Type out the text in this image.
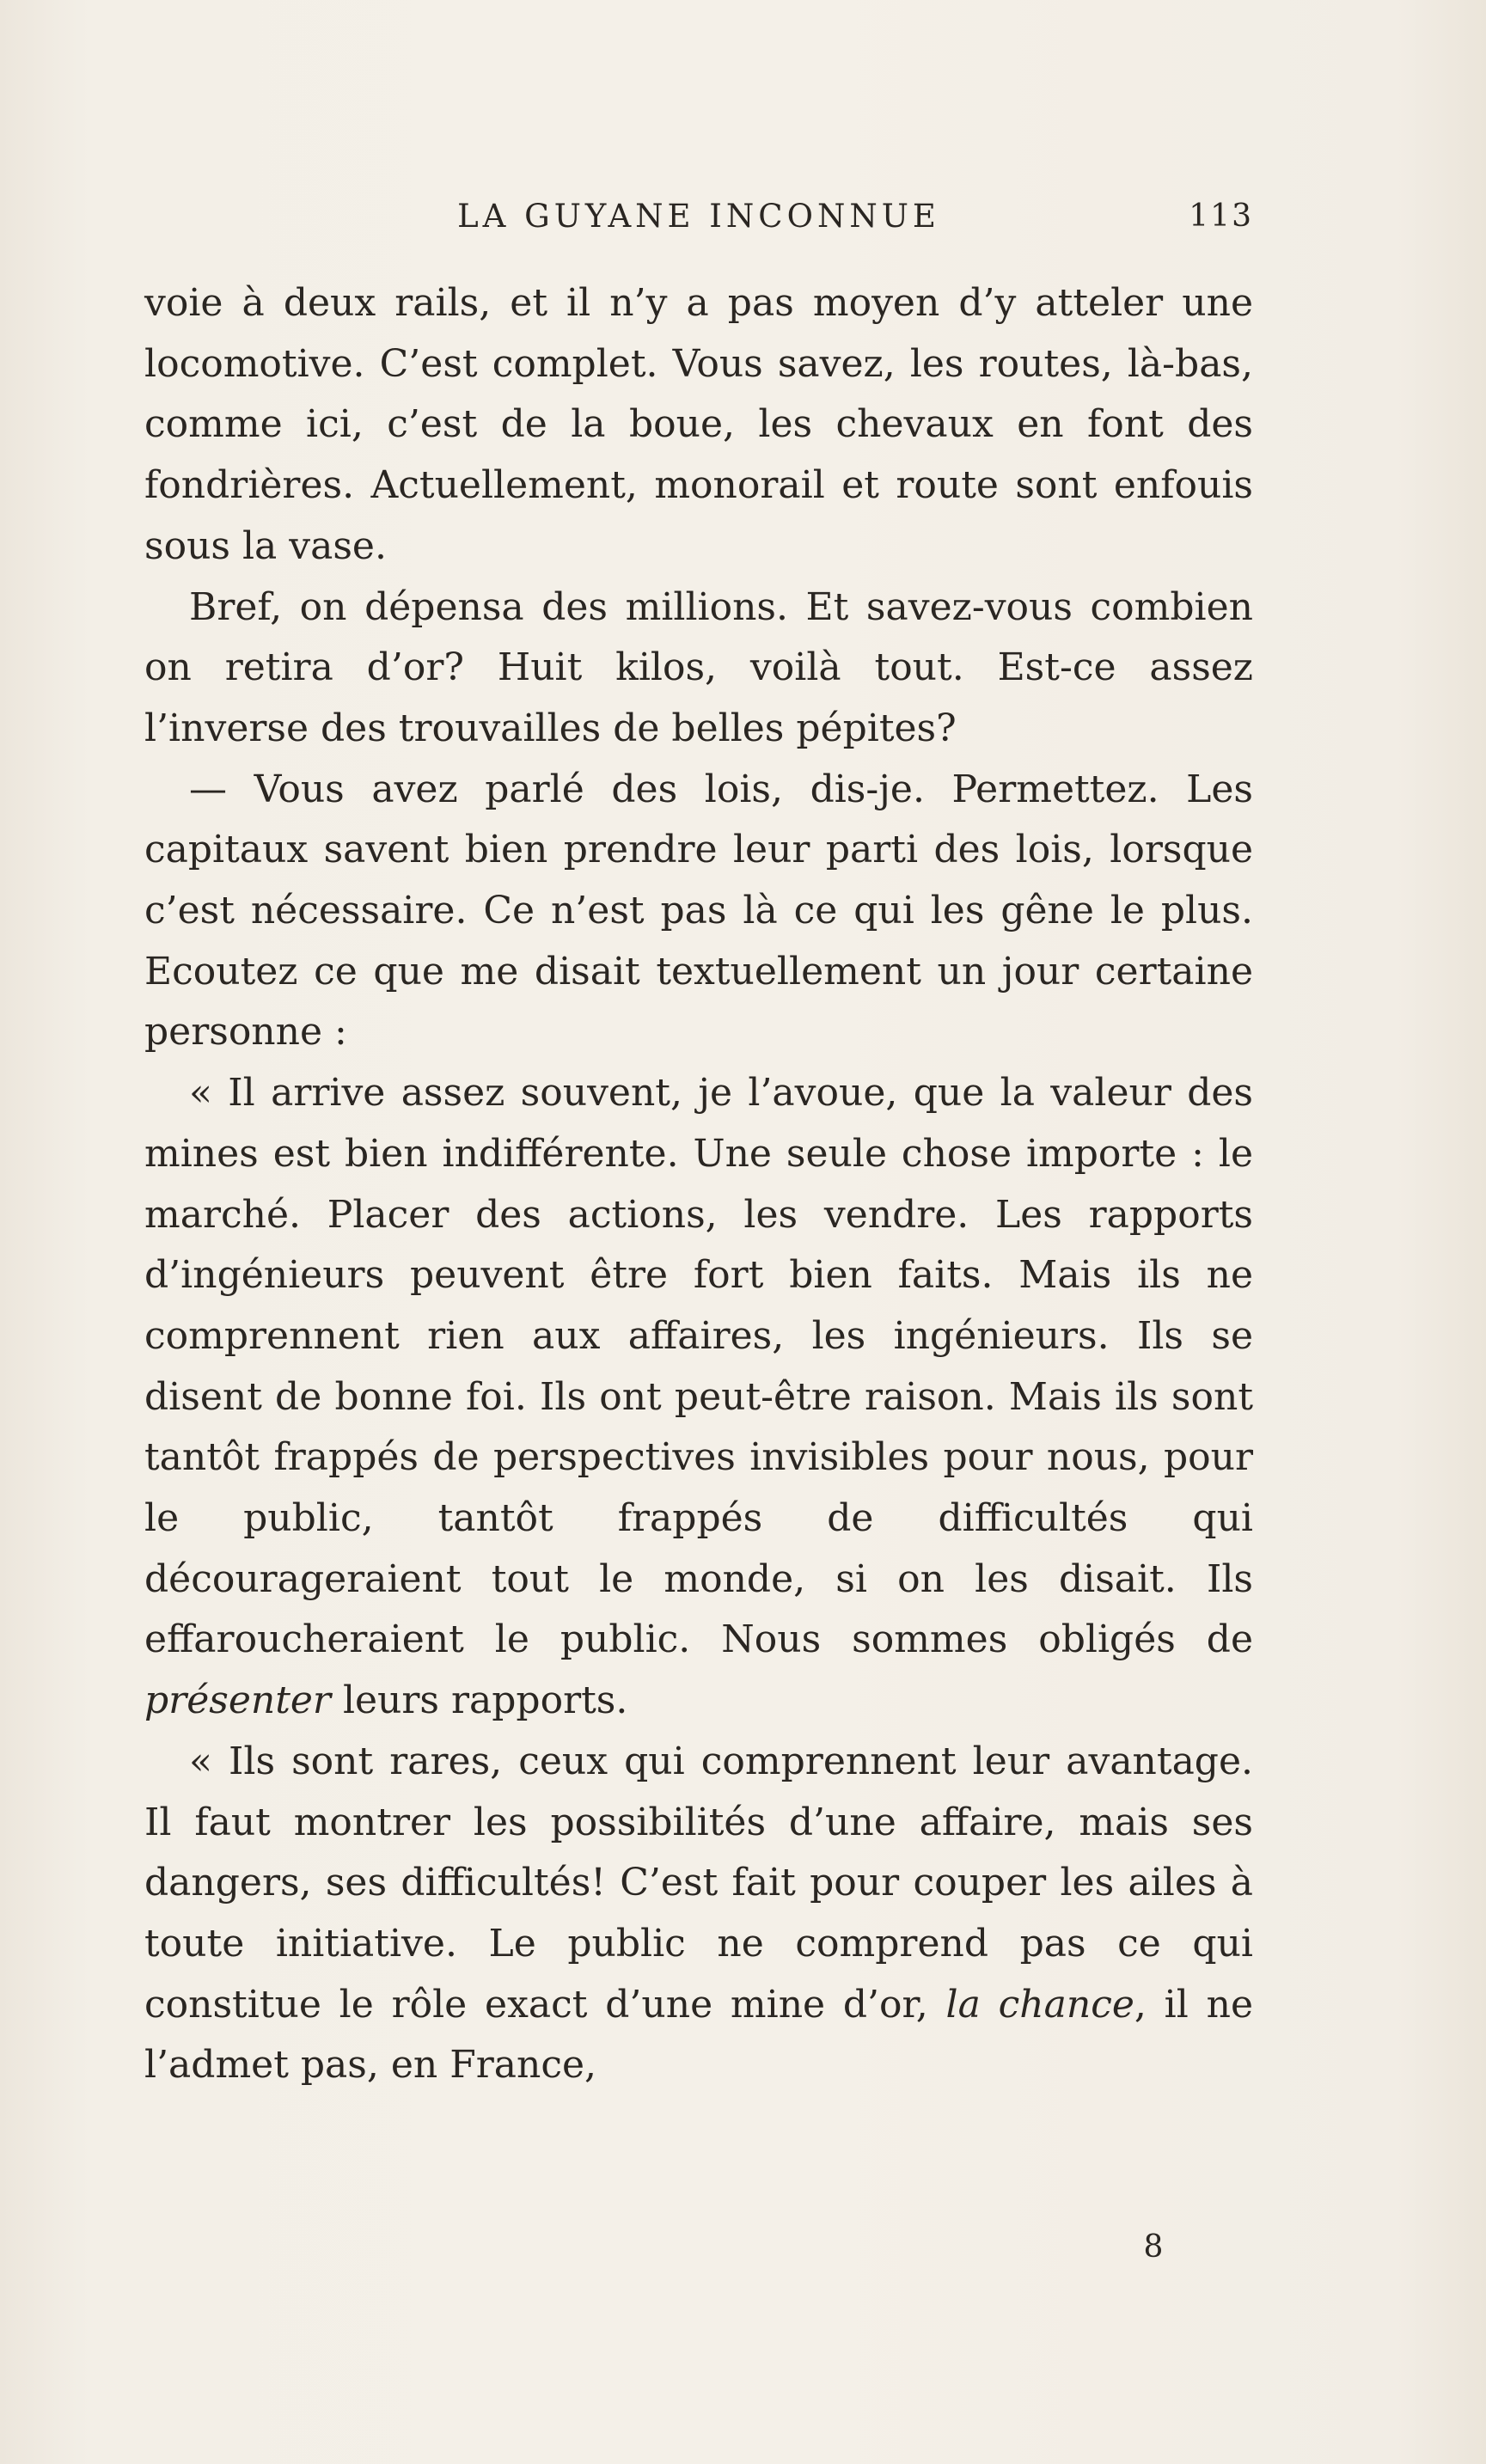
LA GUYANE INCONNUE	113

voie à deux rails, et il n’y a pas moyen d’y atteler une locomotive. C’est complet. Vous savez, les routes, là-bas, comme ici, c’est de la boue, les chevaux en font des fondrières. Actuellement, monorail et route sont enfouis sous la vase.

Bref, on dépensa des millions. Et savez-vous combien on retira d’or? Huit kilos, voilà tout. Est-ce assez l’inverse des trouvailles de belles pépites?

— Vous avez parlé des lois, dis-je. Permettez. Les capitaux savent bien prendre leur parti des lois, lorsque c’est nécessaire. Ce n’est pas là ce qui les gêne le plus. Ecoutez ce que me disait textuellement un jour certaine personne :

« Il arrive assez souvent, je l’avoue, que la valeur des mines est bien indifférente. Une seule chose importe : le marché. Placer des actions, les vendre. Les rapports d’ingénieurs peuvent être fort bien faits. Mais ils ne comprennent rien aux affaires, les ingénieurs. Ils se disent de bonne foi. Ils ont peut-être raison. Mais ils sont tantôt frappés de perspectives invisibles pour nous, pour le public, tantôt frappés de difficultés qui décourageraient tout le monde, si on les disait. Ils effaroucheraient le public. Nous sommes obligés de présenter leurs rapports.

« Ils sont rares, ceux qui comprennent leur avantage. Il faut montrer les possibilités d’une affaire, mais ses dangers, ses difficultés! C’est fait pour couper les ailes à toute initiative. Le public ne comprend pas ce qui constitue le rôle exact d’une mine d’or, la chance, il ne l’admet pas, en France,

8
